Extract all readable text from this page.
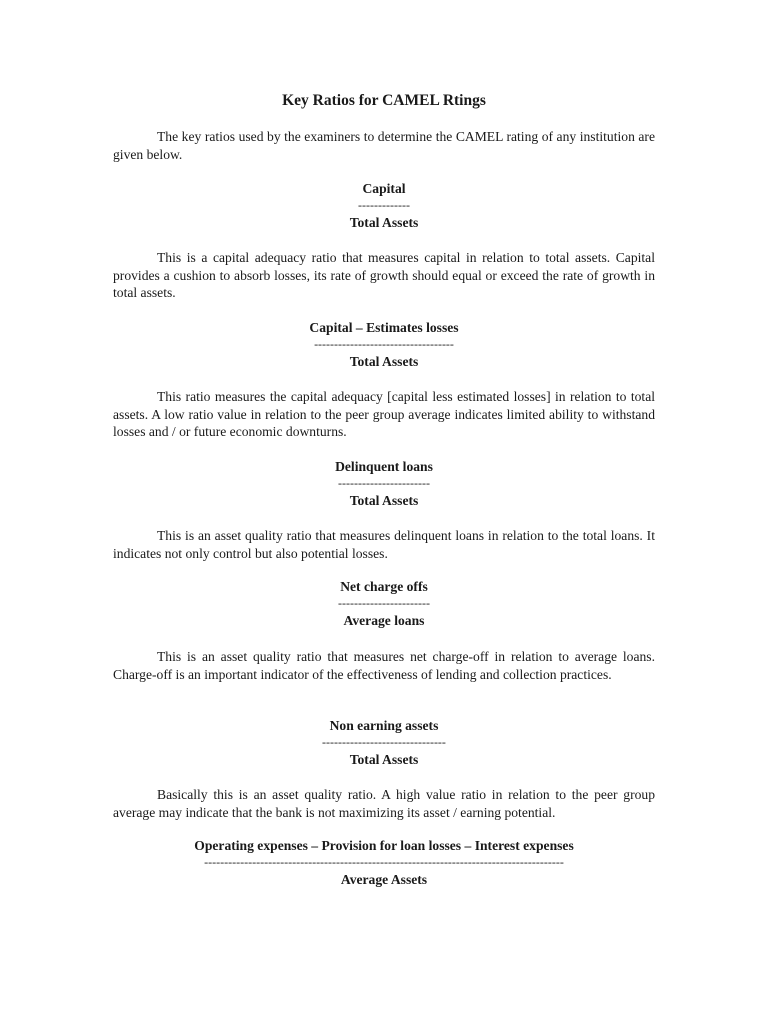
Key Ratios for CAMEL Rtings

The key ratios used by the examiners to determine the CAMEL rating of any institution are given below.

Capital
-------------
Total Assets

This is a capital adequacy ratio that measures capital in relation to total assets. Capital provides a cushion to absorb losses, its rate of growth should equal or exceed the rate of growth in total assets.

Capital – Estimates losses
-----------------------------------
Total Assets

This ratio measures the capital adequacy [capital less estimated losses] in relation to total assets. A low ratio value in relation to the peer group average indicates limited ability to withstand losses and / or future economic downturns.

Delinquent loans
-----------------------
Total Assets

This is an asset quality ratio that measures delinquent loans in relation to the total loans. It indicates not only control but also potential losses.

Net charge offs
-----------------------
Average loans

This is an asset quality ratio that measures net charge-off in relation to average loans. Charge-off is an important indicator of the effectiveness of lending and collection practices.

Non earning assets
-------------------------------
Total Assets

Basically this is an asset quality ratio. A high value ratio in relation to the peer group average may indicate that the bank is not maximizing its asset / earning potential.

Operating expenses – Provision for loan losses – Interest expenses
------------------------------------------------------------------------------------------
Average Assets
